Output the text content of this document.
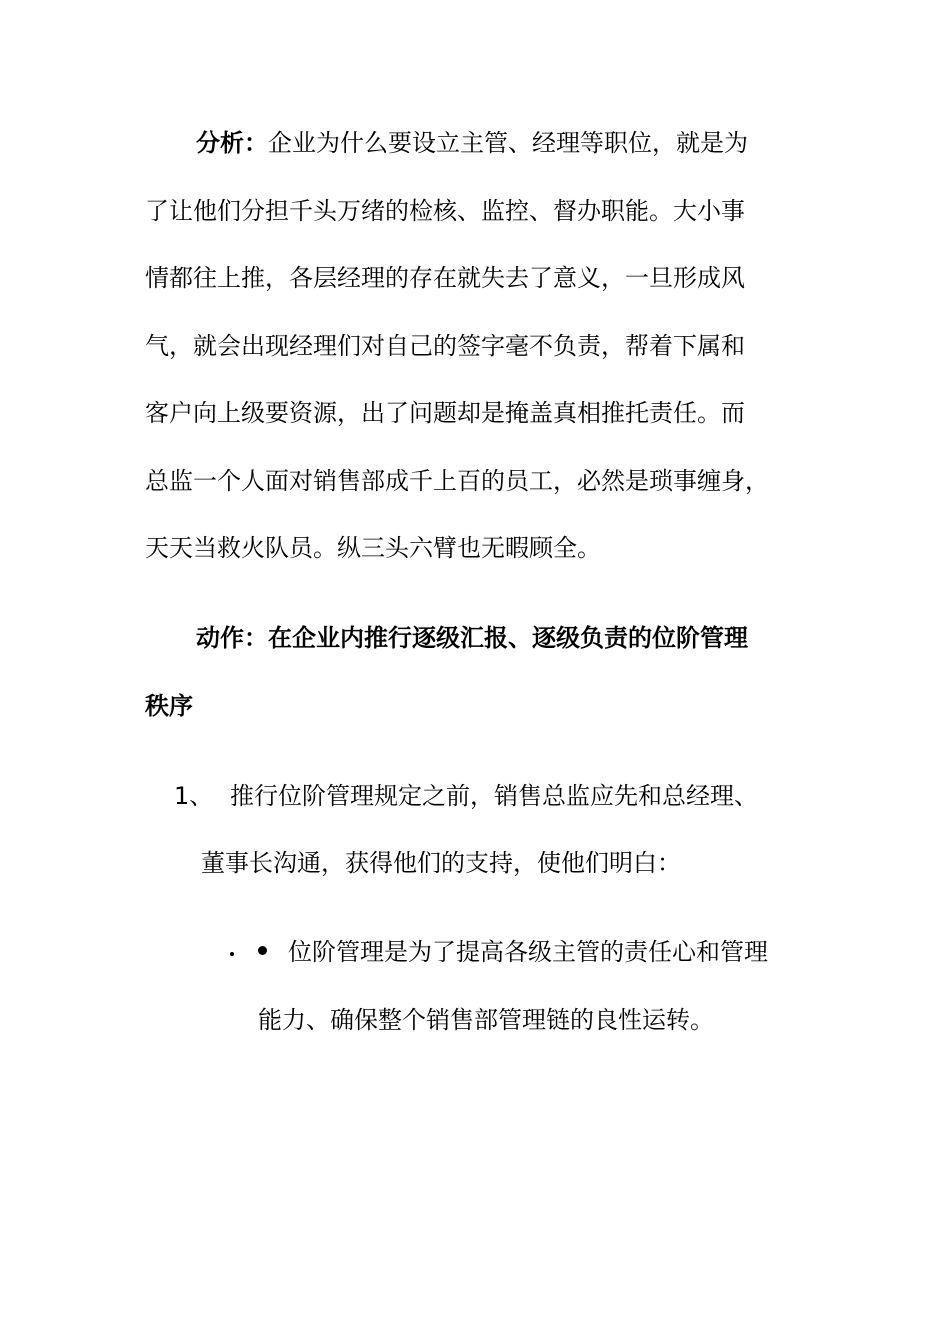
分析：企业为什么要设立主管、经理等职位，就是为
了让他们分担千头万绪的检核、监控、督办职能。大小事
情都往上推，各层经理的存在就失去了意义，一旦形成风
气，就会出现经理们对自己的签字毫不负责，帮着下属和
客户向上级要资源，出了问题却是掩盖真相推托责任。而
总监一个人面对销售部成千上百的员工，必然是琐事缠身，
天天当救火队员。纵三头六臂也无暇顾全。
动作：在企业内推行逐级汇报、逐级负责的位阶管理
秩序
1、 推行位阶管理规定之前，销售总监应先和总经理、
董事长沟通，获得他们的支持，使他们明白：
位阶管理是为了提高各级主管的责任心和管理
能力、确保整个销售部管理链的良性运转。
